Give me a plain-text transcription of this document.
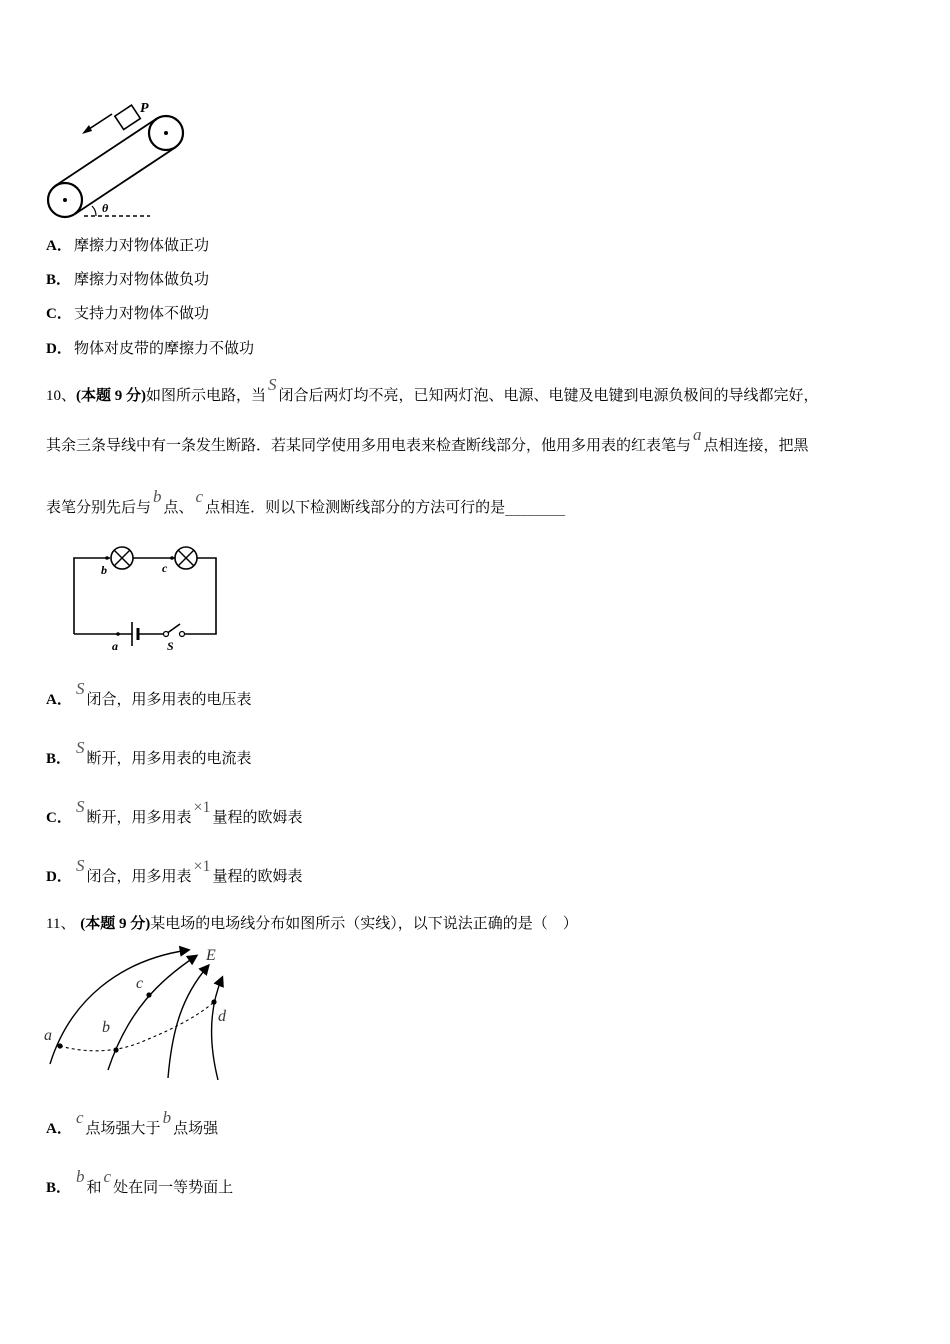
P
θ
A． 摩擦力对物体做正功
B． 摩擦力对物体做负功
C． 支持力对物体不做功
D． 物体对皮带的摩擦力不做功
10、(本题 9 分)如图所示电路，当S闭合后两灯均不亮，已知两灯泡、电源、电键及电键到电源负极间的导线都完好，
其余三条导线中有一条发生断路．若某同学使用多用电表来检查断线部分，他用多用表的红表笔与a点相连接，把黑
表笔分别先后与b点、c点相连．则以下检测断线部分的方法可行的是________
b	c
a	S
A．S闭合，用多用表的电压表
B．S断开，用多用表的电流表
C．S断开，用多用表×1量程的欧姆表
D．S闭合，用多用表×1量程的欧姆表
11、 (本题 9 分)某电场的电场线分布如图所示（实线），以下说法正确的是（　）
E
a	b
c
d
A．c点场强大于b点场强
B．b和c处在同一等势面上
